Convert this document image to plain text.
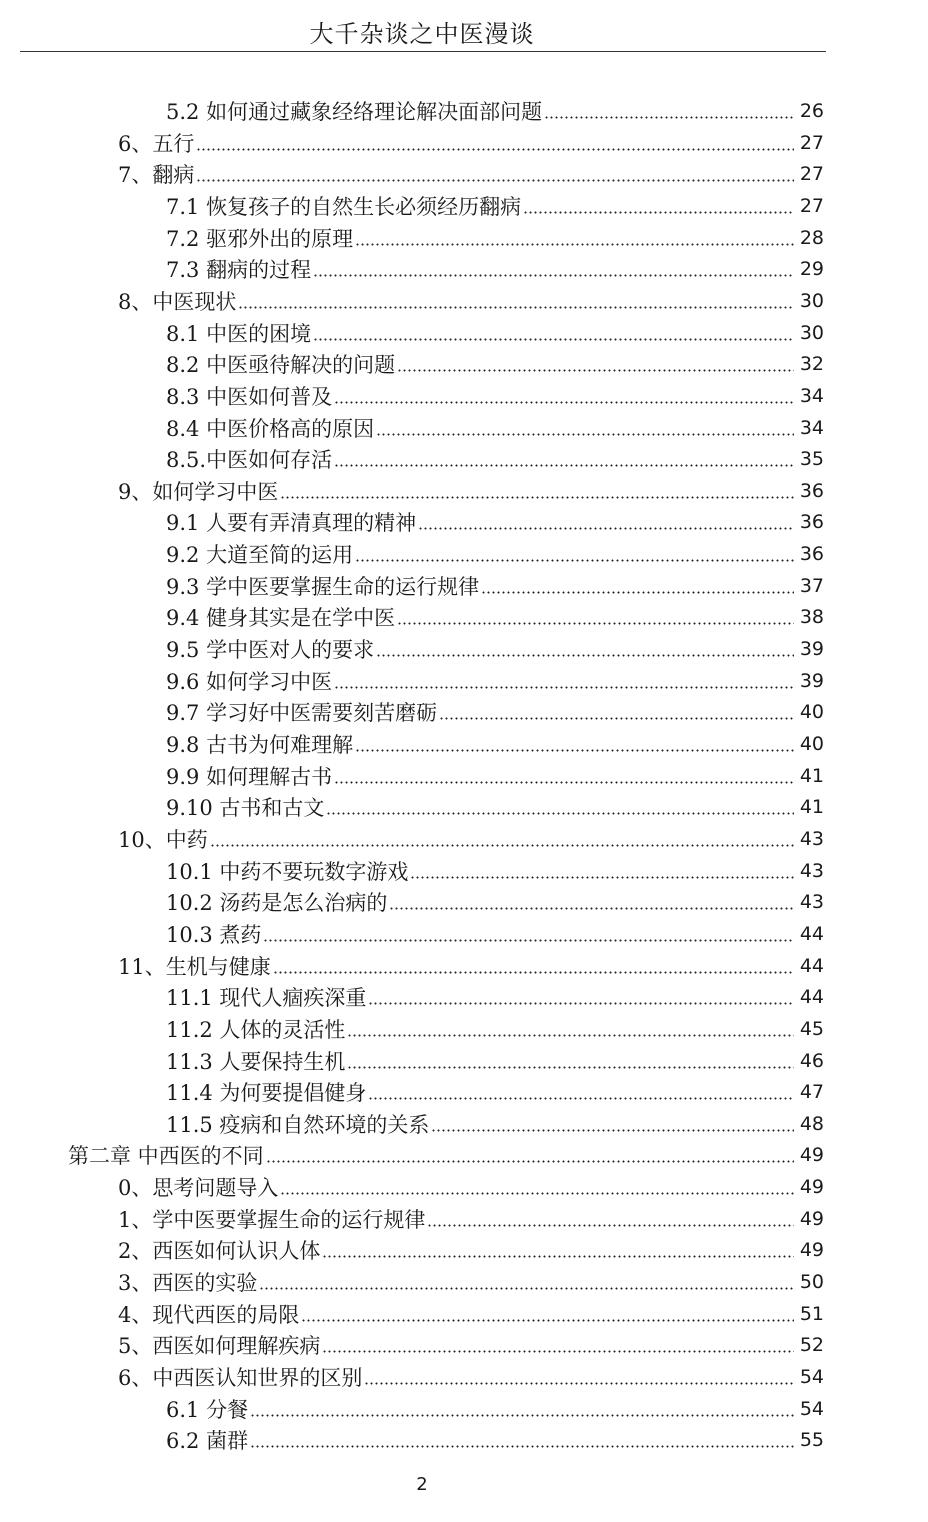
大千杂谈之中医漫谈
5.2 如何通过藏象经络理论解决面部问题	26
6、五行	27
7、翻病	27
7.1 恢复孩子的自然生长必须经历翻病	27
7.2 驱邪外出的原理	28
7.3 翻病的过程	29
8、中医现状	30
8.1 中医的困境	30
8.2 中医亟待解决的问题	32
8.3 中医如何普及	34
8.4 中医价格高的原因	34
8.5.中医如何存活	35
9、如何学习中医	36
9.1 人要有弄清真理的精神	36
9.2 大道至简的运用	36
9.3 学中医要掌握生命的运行规律	37
9.4 健身其实是在学中医	38
9.5 学中医对人的要求	39
9.6 如何学习中医	39
9.7 学习好中医需要刻苦磨砺	40
9.8 古书为何难理解	40
9.9 如何理解古书	41
9.10 古书和古文	41
10、中药	43
10.1 中药不要玩数字游戏	43
10.2 汤药是怎么治病的	43
10.3 煮药	44
11、生机与健康	44
11.1 现代人痼疾深重	44
11.2 人体的灵活性	45
11.3 人要保持生机	46
11.4 为何要提倡健身	47
11.5 疫病和自然环境的关系	48
第二章 中西医的不同	49
0、思考问题导入	49
1、学中医要掌握生命的运行规律	49
2、西医如何认识人体	49
3、西医的实验	50
4、现代西医的局限	51
5、西医如何理解疾病	52
6、中西医认知世界的区别	54
6.1 分餐	54
6.2 菌群	55
2
